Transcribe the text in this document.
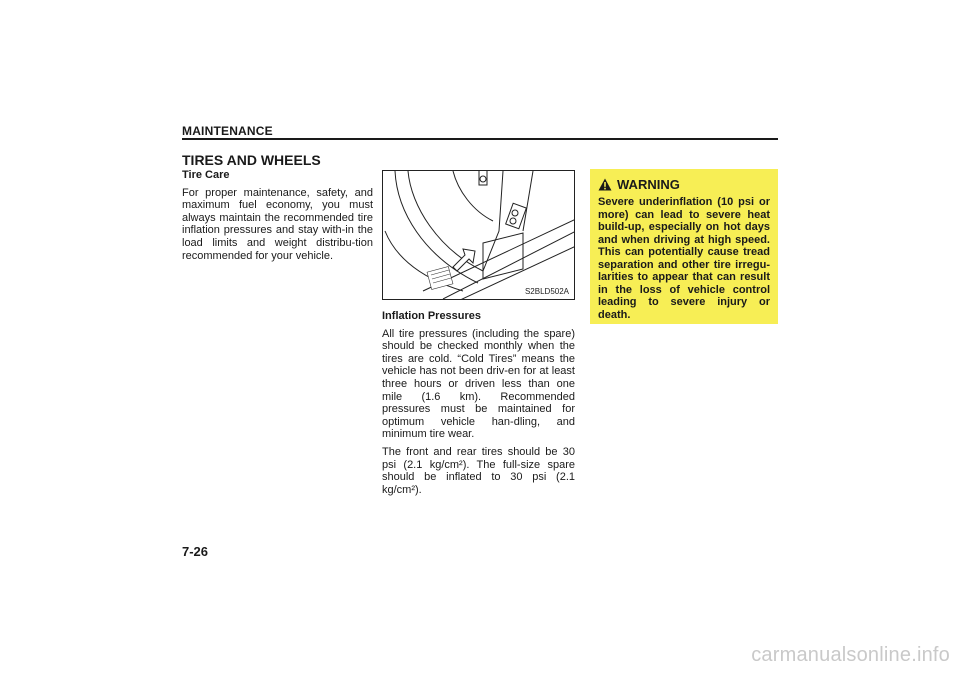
MAINTENANCE
TIRES AND WHEELS
Tire Care

For proper maintenance, safety, and maximum fuel economy, you must always maintain the recommended tire inflation pressures and stay with-in the load limits and weight distribu-tion recommended for your vehicle.

S2BLD502A
Inflation Pressures

All tire pressures (including the spare) should be checked monthly when the tires are cold. “Cold Tires” means the vehicle has not been driv-en for at least three hours or driven less than one mile (1.6 km). Recommended pressures must be maintained for optimum vehicle han-dling, and minimum tire wear.

The front and rear tires should be 30 psi (2.1 kg/cm²). The full-size spare should be inflated to 30 psi (2.1 kg/cm²).

WARNING

Severe underinflation (10 psi or more) can lead to severe heat build-up, especially on hot days and when driving at high speed. This can potentially cause tread separation and other tire irregu-larities to appear that can result in the loss of vehicle control leading to severe injury or death.

7-26
carmanualsonline.info
